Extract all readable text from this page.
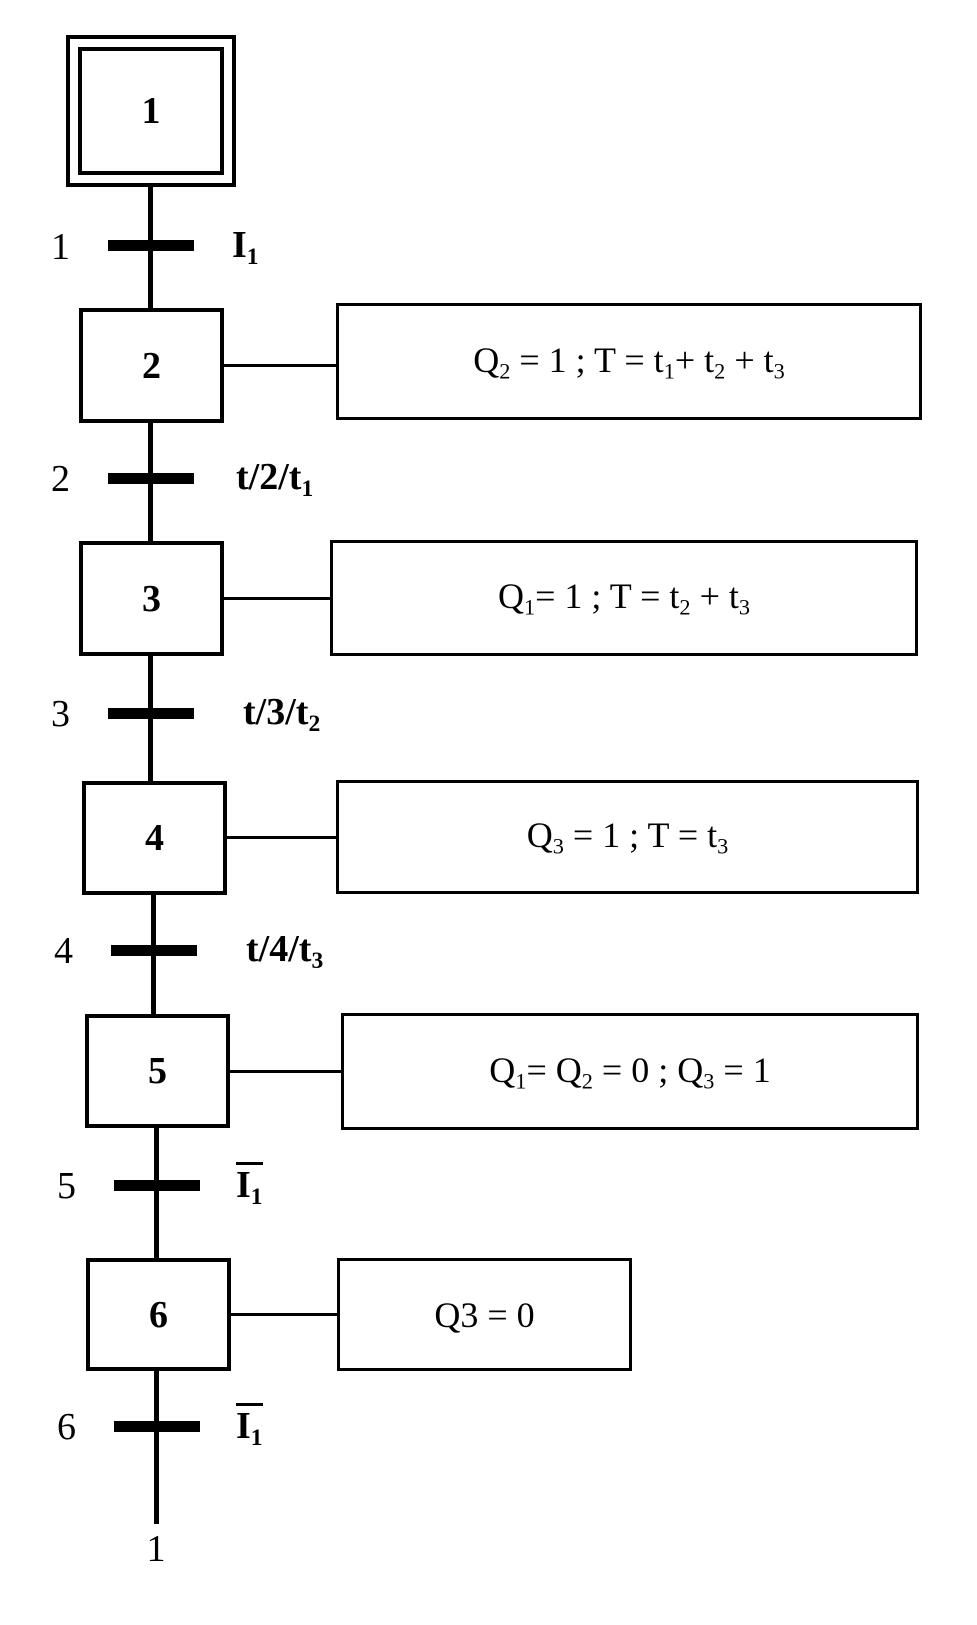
1
1	$I_1$
2	$Q_2 = 1$ ; $T = t_1+ t_2 + t_3$
2	$t/2/t_1$
3	$Q_1= 1$ ; $T = t_2 + t_3$
3	$t/3/t_2$
4	$Q_3 = 1$ ; $T = t_3$
4	$t/4/t_3$
5	$Q_1= Q_2 = 0$ ; $Q_3 = 1$
5	$I_1$
6	Q3 = 0
6	$I_1$
1
